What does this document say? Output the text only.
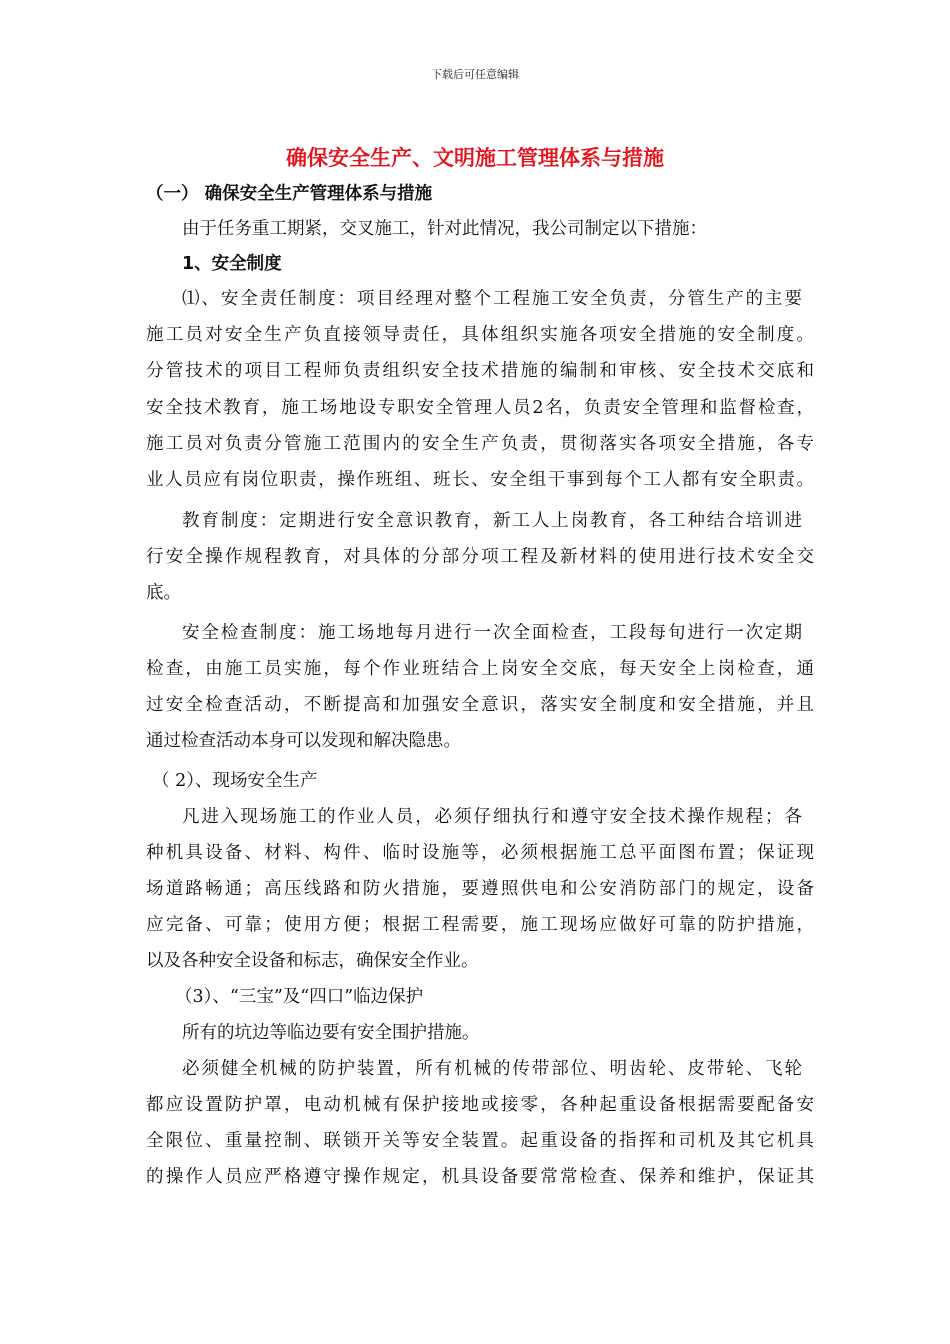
下载后可任意编辑
确保安全生产、文明施工管理体系与措施
（一） 确保安全生产管理体系与措施
由于任务重工期紧，交叉施工，针对此情况，我公司制定以下措施：
1、安全制度
⑴、安全责任制度：项目经理对整个工程施工安全负责，分管生产的主要
施工员对安全生产负直接领导责任，具体组织实施各项安全措施的安全制度。
分管技术的项目工程师负责组织安全技术措施的编制和审核、安全技术交底和
安全技术教育，施工场地设专职安全管理人员2名，负责安全管理和监督检查，
施工员对负责分管施工范围内的安全生产负责，贯彻落实各项安全措施，各专
业人员应有岗位职责，操作班组、班长、安全组干事到每个工人都有安全职责。
教育制度：定期进行安全意识教育，新工人上岗教育，各工种结合培训进
行安全操作规程教育，对具体的分部分项工程及新材料的使用进行技术安全交
底。
安全检查制度：施工场地每月进行一次全面检查，工段每旬进行一次定期
检查，由施工员实施，每个作业班结合上岗安全交底，每天安全上岗检查，通
过安全检查活动，不断提高和加强安全意识，落实安全制度和安全措施，并且
通过检查活动本身可以发现和解决隐患。
（ 2）、现场安全生产
凡进入现场施工的作业人员，必须仔细执行和遵守安全技术操作规程；各
种机具设备、材料、构件、临时设施等，必须根据施工总平面图布置；保证现
场道路畅通；高压线路和防火措施，要遵照供电和公安消防部门的规定，设备
应完备、可靠；使用方便；根据工程需要，施工现场应做好可靠的防护措施，
以及各种安全设备和标志，确保安全作业。
（3）、“三宝”及“四口”临边保护
所有的坑边等临边要有安全围护措施。
必须健全机械的防护装置，所有机械的传带部位、明齿轮、皮带轮、飞轮
都应设置防护罩，电动机械有保护接地或接零，各种起重设备根据需要配备安
全限位、重量控制、联锁开关等安全装置。起重设备的指挥和司机及其它机具
的操作人员应严格遵守操作规定，机具设备要常常检查、保养和维护，保证其
